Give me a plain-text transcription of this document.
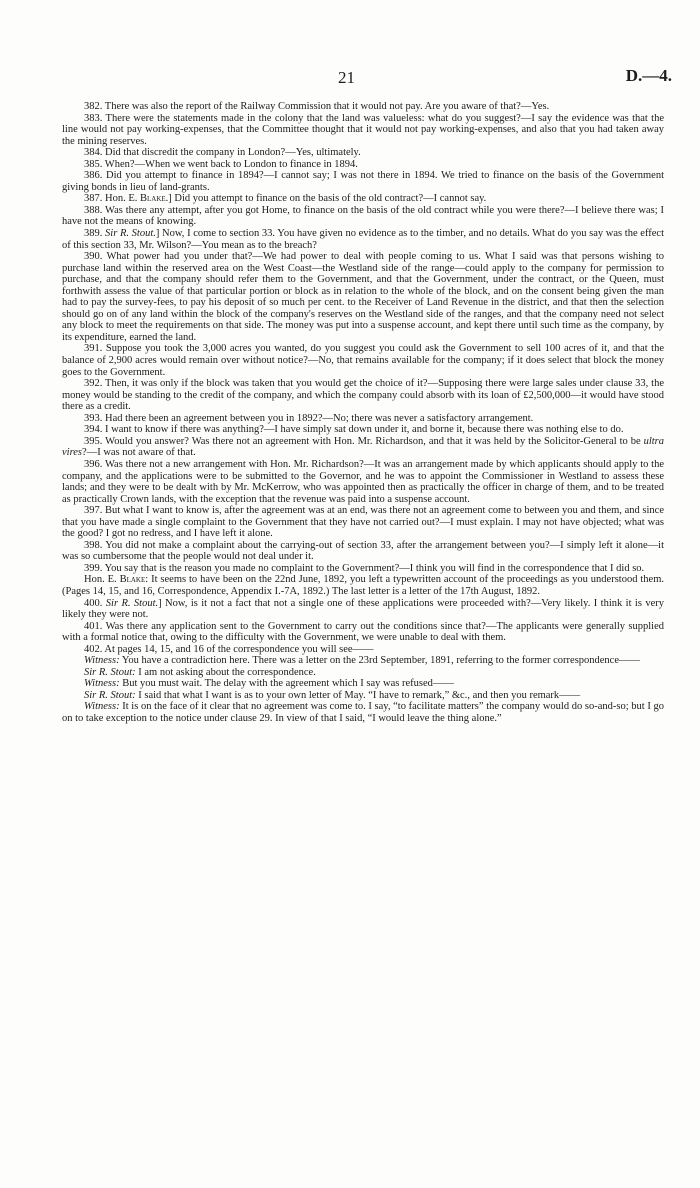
21	D.—4.

382. There was also the report of the Railway Commission that it would not pay. Are you aware of that?—Yes.

383. There were the statements made in the colony that the land was valueless: what do you suggest?—I say the evidence was that the line would not pay working-expenses, that the Committee thought that it would not pay working-expenses, and also that you had taken away the mining reserves.

384. Did that discredit the company in London?—Yes, ultimately.

385. When?—When we went back to London to finance in 1894.

386. Did you attempt to finance in 1894?—I cannot say; I was not there in 1894. We tried to finance on the basis of the Government giving bonds in lieu of land-grants.

387. Hon. E. Blake.] Did you attempt to finance on the basis of the old contract?—I cannot say.

388. Was there any attempt, after you got Home, to finance on the basis of the old contract while you were there?—I believe there was; I have not the means of knowing.

389. Sir R. Stout.] Now, I come to section 33. You have given no evidence as to the timber, and no details. What do you say was the effect of this section 33, Mr. Wilson?—You mean as to the breach?

390. What power had you under that?—We had power to deal with people coming to us. What I said was that persons wishing to purchase land within the reserved area on the West Coast—the Westland side of the range—could apply to the company for permission to purchase, and that the company should refer them to the Government, and that the Government, under the contract, or the Queen, must forthwith assess the value of that particular portion or block as in relation to the whole of the block, and on the consent being given the man had to pay the survey-fees, to pay his deposit of so much per cent. to the Receiver of Land Revenue in the district, and that then the selection should go on of any land within the block of the company's reserves on the Westland side of the ranges, and that the company need not select any block to meet the requirements on that side. The money was put into a suspense account, and kept there until such time as the company, by its expenditure, earned the land.

391. Suppose you took the 3,000 acres you wanted, do you suggest you could ask the Government to sell 100 acres of it, and that the balance of 2,900 acres would remain over without notice?—No, that remains available for the company; if it does select that block the money goes to the Government.

392. Then, it was only if the block was taken that you would get the choice of it?—Supposing there were large sales under clause 33, the money would be standing to the credit of the company, and which the company could absorb with its loan of £2,500,000—it would have stood there as a credit.

393. Had there been an agreement between you in 1892?—No; there was never a satisfactory arrangement.

394. I want to know if there was anything?—I have simply sat down under it, and borne it, because there was nothing else to do.

395. Would you answer? Was there not an agreement with Hon. Mr. Richardson, and that it was held by the Solicitor-General to be ultra vires?—I was not aware of that.

396. Was there not a new arrangement with Hon. Mr. Richardson?—It was an arrangement made by which applicants should apply to the company, and the applications were to be submitted to the Governor, and he was to appoint the Commissioner in Westland to assess these lands; and they were to be dealt with by Mr. McKerrow, who was appointed then as practically the officer in charge of them, and to be treated as practically Crown lands, with the exception that the revenue was paid into a suspense account.

397. But what I want to know is, after the agreement was at an end, was there not an agreement come to between you and them, and since that you have made a single complaint to the Government that they have not carried out?—I must explain. I may not have objected; what was the good? I got no redress, and I have left it alone.

398. You did not make a complaint about the carrying-out of section 33, after the arrangement between you?—I simply left it alone—it was so cumbersome that the people would not deal under it.

399. You say that is the reason you made no complaint to the Government?—I think you will find in the correspondence that I did so.

Hon. E. Blake: It seems to have been on the 22nd June, 1892, you left a typewritten account of the proceedings as you understood them. (Pages 14, 15, and 16, Correspondence, Appendix I.-7A, 1892.) The last letter is a letter of the 17th August, 1892.

400. Sir R. Stout.] Now, is it not a fact that not a single one of these applications were proceeded with?—Very likely. I think it is very likely they were not.

401. Was there any application sent to the Government to carry out the conditions since that?—The applicants were generally supplied with a formal notice that, owing to the difficulty with the Government, we were unable to deal with them.

402. At pages 14, 15, and 16 of the correspondence you will see——

Witness: You have a contradiction here. There was a letter on the 23rd September, 1891, referring to the former correspondence——

Sir R. Stout: I am not asking about the correspondence.

Witness: But you must wait. The delay with the agreement which I say was refused——

Sir R. Stout: I said that what I want is as to your own letter of May. “I have to remark,” &c., and then you remark——

Witness: It is on the face of it clear that no agreement was come to. I say, “to facilitate matters” the company would do so-and-so; but I go on to take exception to the notice under clause 29. In view of that I said, “I would leave the thing alone.”
